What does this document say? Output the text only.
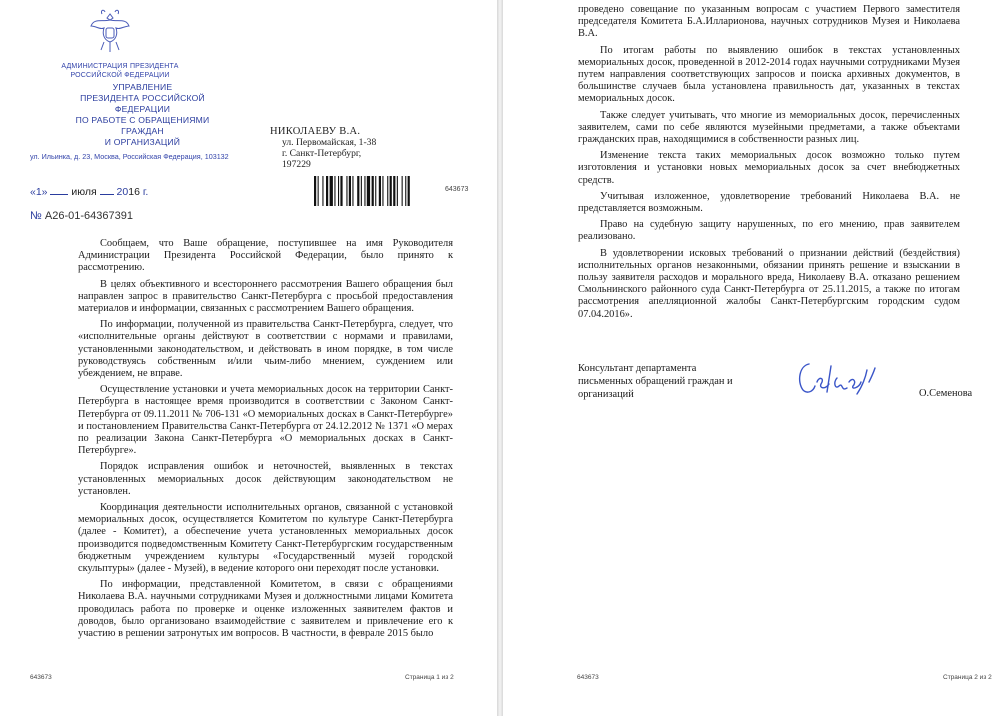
АДМИНИСТРАЦИЯ ПРЕЗИДЕНТА
РОССИЙСКОЙ ФЕДЕРАЦИИ
УПРАВЛЕНИЕ
ПРЕЗИДЕНТА РОССИЙСКОЙ ФЕДЕРАЦИИ
ПО РАБОТЕ С ОБРАЩЕНИЯМИ ГРАЖДАН
И ОРГАНИЗАЦИЙ
ул. Ильинка, д. 23, Москва, Российская Федерация, 103132
НИКОЛАЕВУ В.А.
ул. Первомайская, 1-38
г. Санкт-Петербург,
197229
«1» июля 2016 г.
№ А26-01-64367391
643673

Сообщаем, что Ваше обращение, поступившее на имя Руководителя Администрации Президента Российской Федерации, было принято к рассмотрению.

В целях объективного и всестороннего рассмотрения Вашего обращения был направлен запрос в правительство Санкт-Петербурга с просьбой предоставления материалов и информации, связанных с рассмотрением Вашего обращения.

По информации, полученной из правительства Санкт-Петербурга, следует, что «исполнительные органы действуют в соответствии с нормами и правилами, установленными законодательством, и действовать в ином порядке, в том числе руководствуясь собственным и/или чьим-либо мнением, суждением или убеждением, не вправе.

Осуществление установки и учета мемориальных досок на территории Санкт-Петербурга в настоящее время производится в соответствии с Законом Санкт-Петербурга от 09.11.2011 № 706-131 «О мемориальных досках в Санкт-Петербурге» и постановлением Правительства Санкт-Петербурга от 24.12.2012 № 1371 «О мерах по реализации Закона Санкт-Петербурга «О мемориальных досках в Санкт-Петербурге».

Порядок исправления ошибок и неточностей, выявленных в текстах установленных мемориальных досок действующим законодательством не установлен.

Координация деятельности исполнительных органов, связанной с установкой мемориальных досок, осуществляется Комитетом по культуре Санкт-Петербурга (далее - Комитет), а обеспечение учета установленных мемориальных досок производится подведомственным Комитету Санкт-Петербургским государственным бюджетным учреждением культуры «Государственный музей городской скульптуры» (далее - Музей), в ведение которого они переходят после установки.

По информации, представленной Комитетом, в связи с обращениями Николаева В.А. научными сотрудниками Музея и должностными лицами Комитета проводилась работа по проверке и оценке изложенных заявителем фактов и доводов, было организовано взаимодействие с заявителем и привлечение его к участию в решении затронутых им вопросов. В частности, в феврале 2015 было

643673	Страница 1 из 2

проведено совещание по указанным вопросам с участием Первого заместителя председателя Комитета Б.А.Илларионова, научных сотрудников Музея и Николаева В.А.

По итогам работы по выявлению ошибок в текстах установленных мемориальных досок, проведенной в 2012-2014 годах научными сотрудниками Музея путем направления соответствующих запросов и поиска архивных документов, в большинстве случаев была установлена правильность дат, указанных в текстах мемориальных досок.

Также следует учитывать, что многие из мемориальных досок, перечисленных заявителем, сами по себе являются музейными предметами, а также объектами гражданских прав, находящимися в собственности разных лиц.

Изменение текста таких мемориальных досок возможно только путем изготовления и установки новых мемориальных досок за счет внебюджетных средств.

Учитывая изложенное, удовлетворение требований Николаева В.А. не представляется возможным.

Право на судебную защиту нарушенных, по его мнению, прав заявителем реализовано.

В удовлетворении исковых требований о признании действий (бездействия) исполнительных органов незаконными, обязании принять решение и взыскании в пользу заявителя расходов и морального вреда, Николаеву В.А. отказано решением Смольнинского районного суда Санкт-Петербурга от 25.11.2015, а также по итогам рассмотрения апелляционной жалобы Санкт-Петербургским городским судом 07.04.2016».

Консультант департамента
письменных обращений граждан и
организаций	О.Семенова
643673	Страница 2 из 2
